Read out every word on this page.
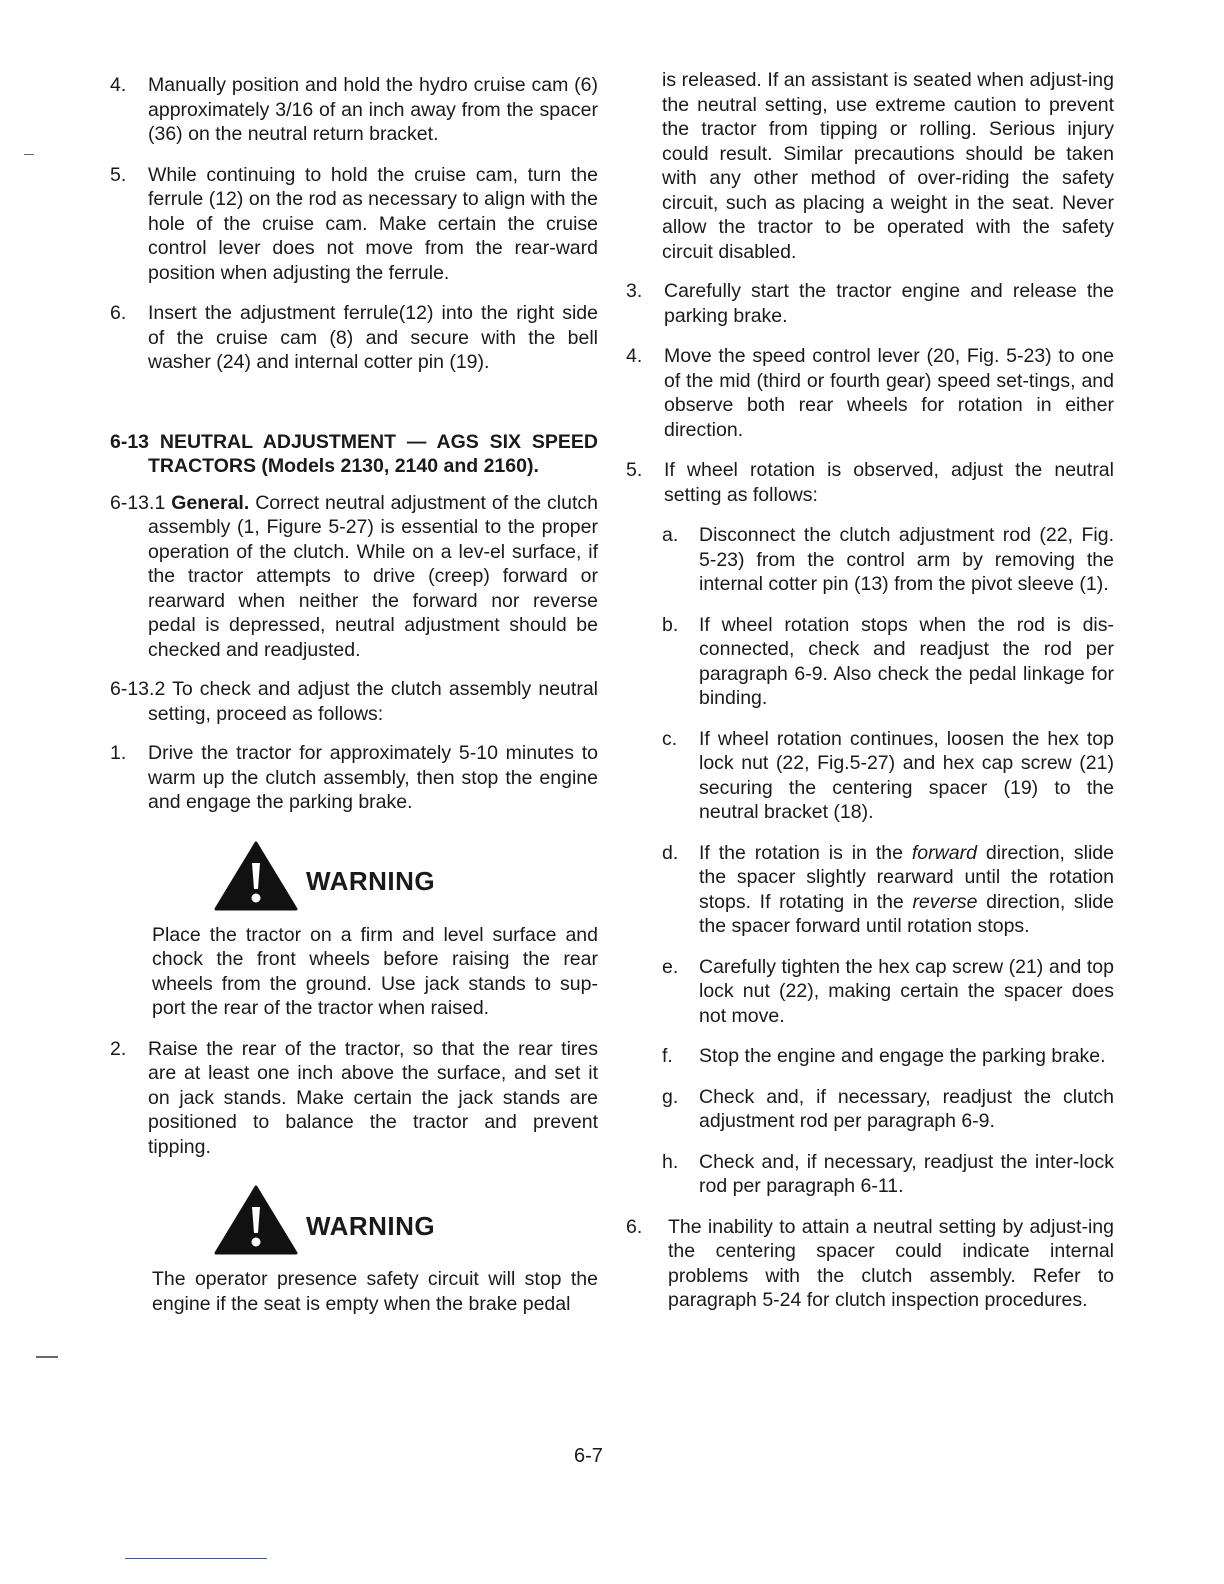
4. Manually position and hold the hydro cruise cam (6) approximately 3/16 of an inch away from the spacer (36) on the neutral return bracket.
5. While continuing to hold the cruise cam, turn the ferrule (12) on the rod as necessary to align with the hole of the cruise cam. Make certain the cruise control lever does not move from the rear-ward position when adjusting the ferrule.
6. Insert the adjustment ferrule(12) into the right side of the cruise cam (8) and secure with the bell washer (24) and internal cotter pin (19).
6-13 NEUTRAL ADJUSTMENT — AGS SIX SPEED TRACTORS (Models 2130, 2140 and 2160).
6-13.1 General. Correct neutral adjustment of the clutch assembly (1, Figure 5-27) is essential to the proper operation of the clutch. While on a lev-el surface, if the tractor attempts to drive (creep) forward or rearward when neither the forward nor reverse pedal is depressed, neutral adjustment should be checked and readjusted.
6-13.2 To check and adjust the clutch assembly neutral setting, proceed as follows:
1. Drive the tractor for approximately 5-10 minutes to warm up the clutch assembly, then stop the engine and engage the parking brake.
WARNING
Place the tractor on a firm and level surface and chock the front wheels before raising the rear wheels from the ground. Use jack stands to sup-port the rear of the tractor when raised.
2. Raise the rear of the tractor, so that the rear tires are at least one inch above the surface, and set it on jack stands. Make certain the jack stands are positioned to balance the tractor and prevent tipping.
WARNING
The operator presence safety circuit will stop the engine if the seat is empty when the brake pedal
is released. If an assistant is seated when adjust-ing the neutral setting, use extreme caution to prevent the tractor from tipping or rolling. Serious injury could result. Similar precautions should be taken with any other method of over-riding the safety circuit, such as placing a weight in the seat. Never allow the tractor to be operated with the safety circuit disabled.
3. Carefully start the tractor engine and release the parking brake.
4. Move the speed control lever (20, Fig. 5-23) to one of the mid (third or fourth gear) speed set-tings, and observe both rear wheels for rotation in either direction.
5. If wheel rotation is observed, adjust the neutral setting as follows:
a. Disconnect the clutch adjustment rod (22, Fig. 5-23) from the control arm by removing the internal cotter pin (13) from the pivot sleeve (1).
b. If wheel rotation stops when the rod is dis-connected, check and readjust the rod per paragraph 6-9. Also check the pedal linkage for binding.
c. If wheel rotation continues, loosen the hex top lock nut (22, Fig.5-27) and hex cap screw (21) securing the centering spacer (19) to the neutral bracket (18).
d. If the rotation is in the forward direction, slide the spacer slightly rearward until the rotation stops. If rotating in the reverse direction, slide the spacer forward until rotation stops.
e. Carefully tighten the hex cap screw (21) and top lock nut (22), making certain the spacer does not move.
f. Stop the engine and engage the parking brake.
g. Check and, if necessary, readjust the clutch adjustment rod per paragraph 6-9.
h. Check and, if necessary, readjust the inter-lock rod per paragraph 6-11.
6. The inability to attain a neutral setting by adjust-ing the centering spacer could indicate internal problems with the clutch assembly. Refer to paragraph 5-24 for clutch inspection procedures.
6-7
